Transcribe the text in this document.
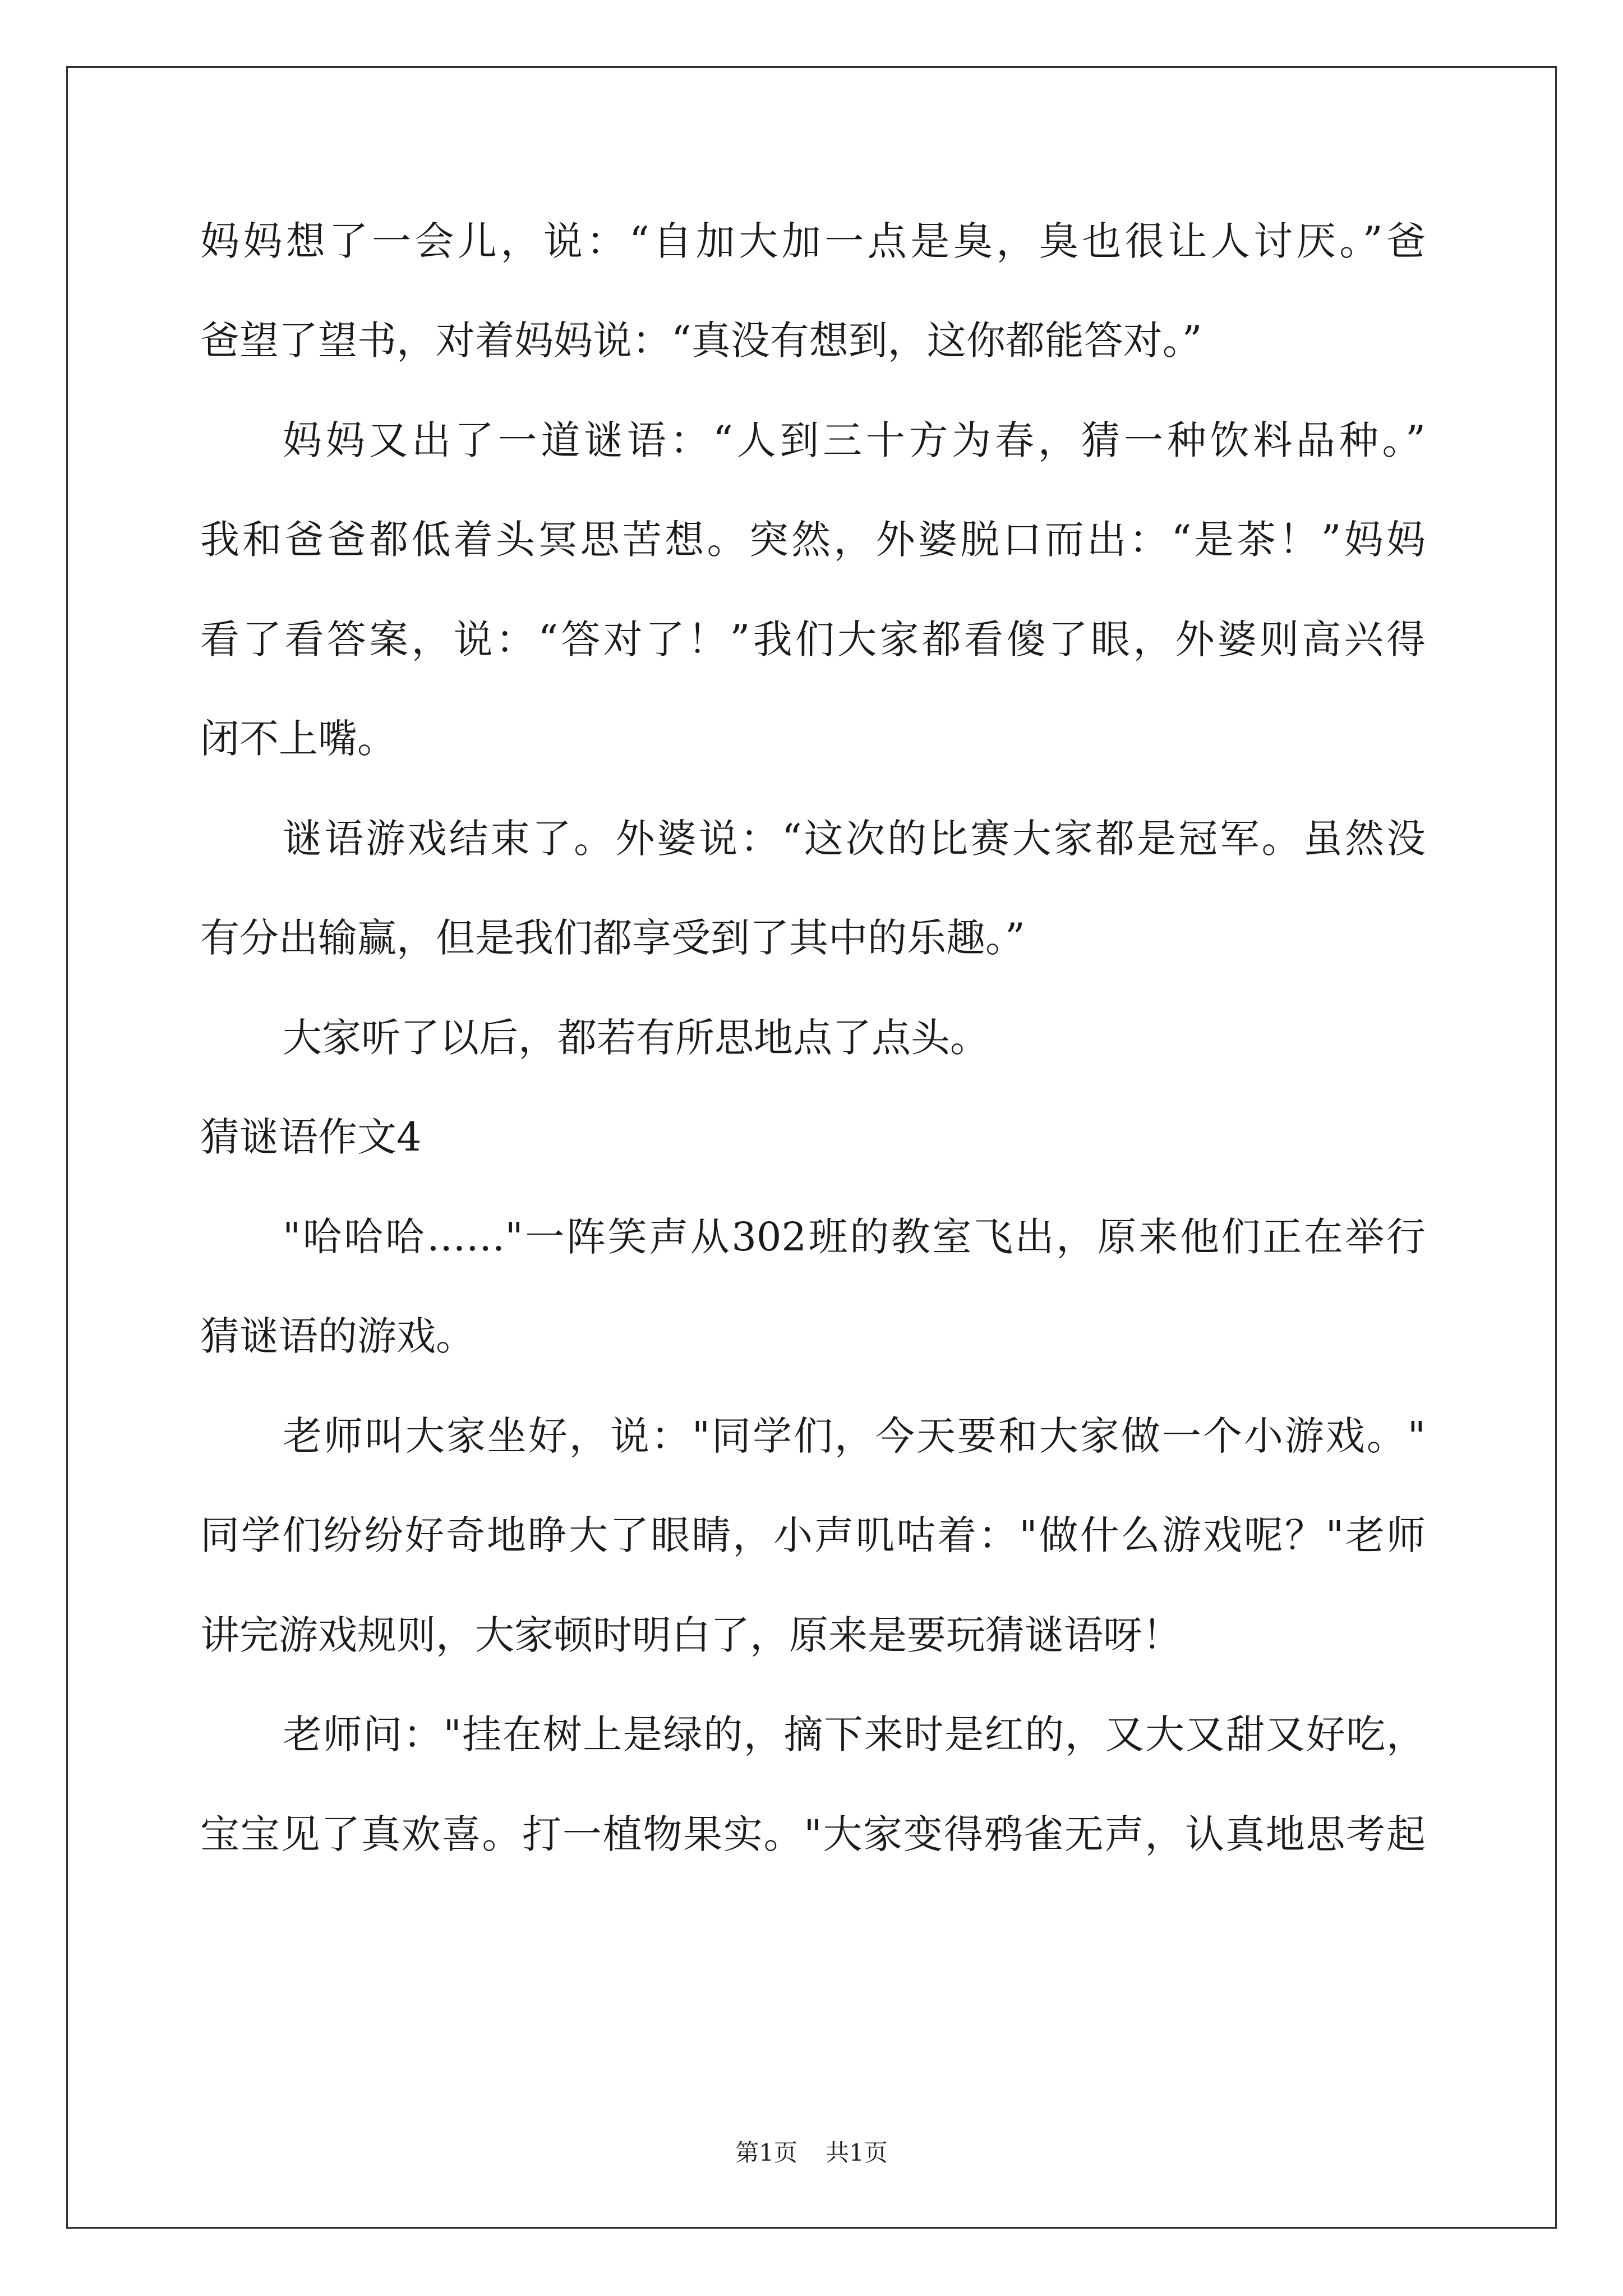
妈妈想了一会儿，说：“自加大加一点是臭，臭也很让人讨厌。”爸
爸望了望书，对着妈妈说：“真没有想到，这你都能答对。”
妈妈又出了一道谜语：“人到三十方为春，猜一种饮料品种。”
我和爸爸都低着头冥思苦想。突然，外婆脱口而出：“是茶！”妈妈
看了看答案，说：“答对了！”我们大家都看傻了眼，外婆则高兴得
闭不上嘴。
谜语游戏结束了。外婆说：“这次的比赛大家都是冠军。虽然没
有分出输赢，但是我们都享受到了其中的乐趣。”
大家听了以后，都若有所思地点了点头。
猜谜语作文4
"哈哈哈……"一阵笑声从302班的教室飞出，原来他们正在举行
猜谜语的游戏。
老师叫大家坐好，说："同学们，今天要和大家做一个小游戏。"
同学们纷纷好奇地睁大了眼睛，小声叽咕着："做什么游戏呢？"老师
讲完游戏规则，大家顿时明白了，原来是要玩猜谜语呀！
老师问："挂在树上是绿的，摘下来时是红的，又大又甜又好吃，
宝宝见了真欢喜。打一植物果实。"大家变得鸦雀无声，认真地思考起
第1页 共1页
